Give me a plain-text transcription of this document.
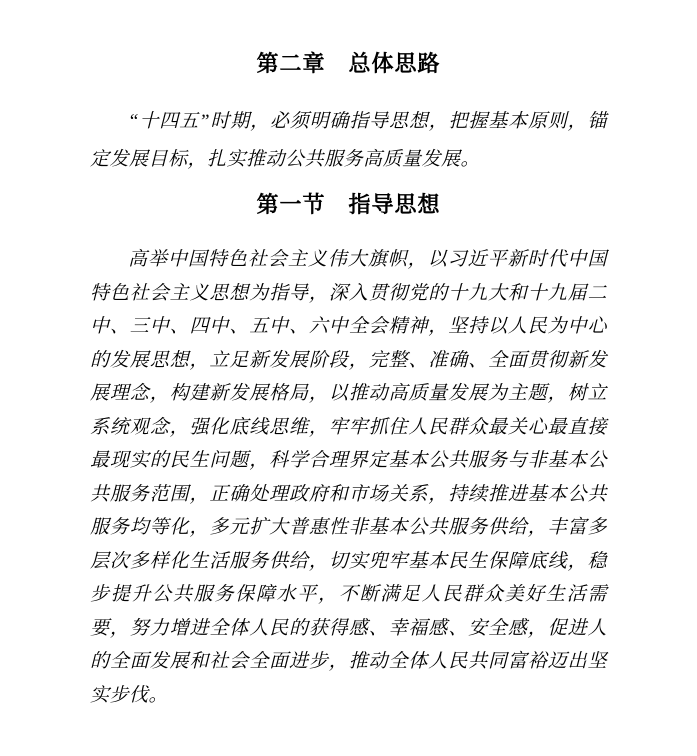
第二章　总体思路

“十四五”时期，必须明确指导思想，把握基本原则，锚定发展目标，扎实推动公共服务高质量发展。

第一节　指导思想

高举中国特色社会主义伟大旗帜，以习近平新时代中国特色社会主义思想为指导，深入贯彻党的十九大和十九届二中、三中、四中、五中、六中全会精神，坚持以人民为中心的发展思想，立足新发展阶段，完整、准确、全面贯彻新发展理念，构建新发展格局，以推动高质量发展为主题，树立系统观念，强化底线思维，牢牢抓住人民群众最关心最直接最现实的民生问题，科学合理界定基本公共服务与非基本公共服务范围，正确处理政府和市场关系，持续推进基本公共服务均等化，多元扩大普惠性非基本公共服务供给，丰富多层次多样化生活服务供给，切实兜牢基本民生保障底线，稳步提升公共服务保障水平，不断满足人民群众美好生活需要，努力增进全体人民的获得感、幸福感、安全感，促进人的全面发展和社会全面进步，推动全体人民共同富裕迈出坚实步伐。
